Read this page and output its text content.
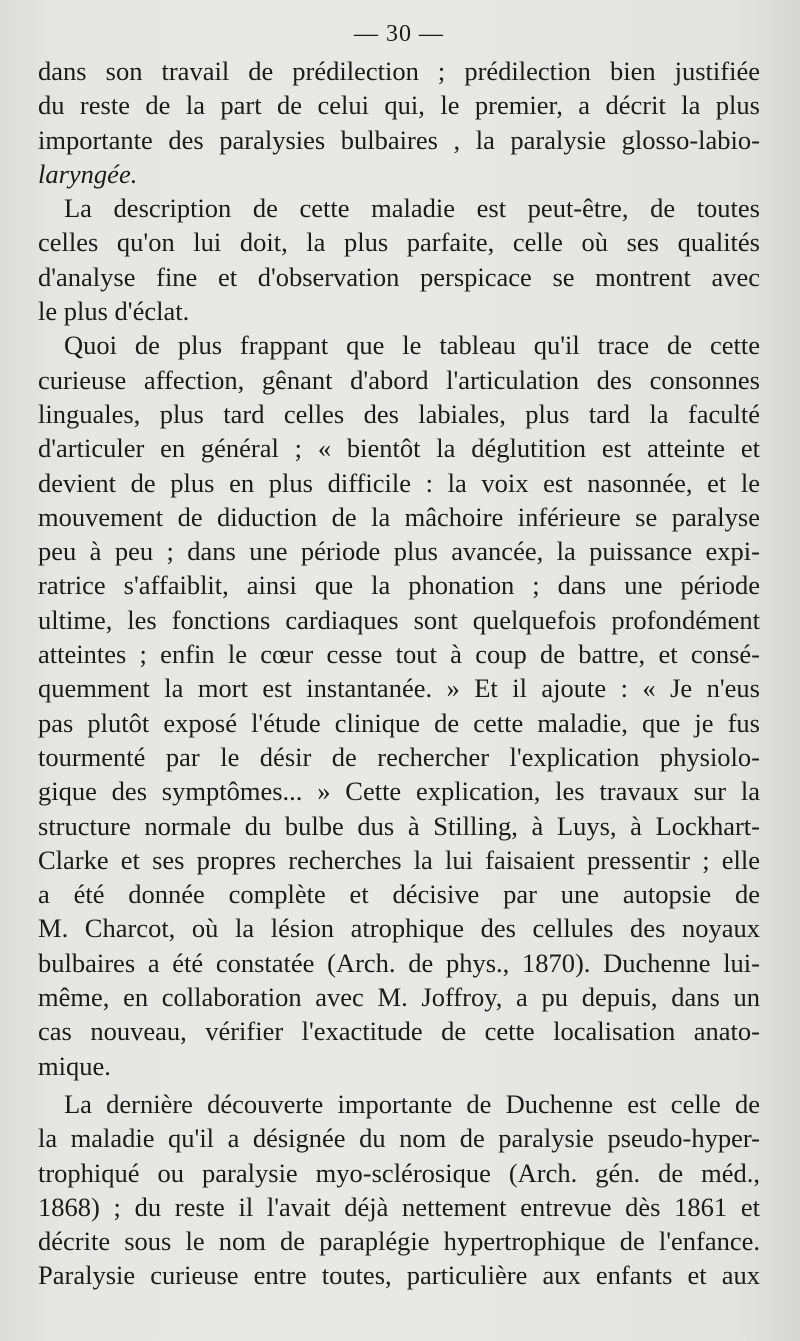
— 30 —
dans son travail de prédilection ; prédilection bien justifiée
du reste de la part de celui qui, le premier, a décrit la plus
importante des paralysies bulbaires , la paralysie glosso-labio-
laryngée.
La description de cette maladie est peut-être, de toutes
celles qu'on lui doit, la plus parfaite, celle où ses qualités
d'analyse fine et d'observation perspicace se montrent avec
le plus d'éclat.
Quoi de plus frappant que le tableau qu'il trace de cette
curieuse affection, gênant d'abord l'articulation des consonnes
linguales, plus tard celles des labiales, plus tard la faculté
d'articuler en général ; « bientôt la déglutition est atteinte et
devient de plus en plus difficile : la voix est nasonnée, et le
mouvement de diduction de la mâchoire inférieure se paralyse
peu à peu ; dans une période plus avancée, la puissance expi-
ratrice s'affaiblit, ainsi que la phonation ; dans une période
ultime, les fonctions cardiaques sont quelquefois profondément
atteintes ; enfin le cœur cesse tout à coup de battre, et consé-
quemment la mort est instantanée. » Et il ajoute : « Je n'eus
pas plutôt exposé l'étude clinique de cette maladie, que je fus
tourmenté par le désir de rechercher l'explication physiolo-
gique des symptômes... » Cette explication, les travaux sur la
structure normale du bulbe dus à Stilling, à Luys, à Lockhart-
Clarke et ses propres recherches la lui faisaient pressentir ; elle
a été donnée complète et décisive par une autopsie de
M. Charcot, où la lésion atrophique des cellules des noyaux
bulbaires a été constatée (Arch. de phys., 1870). Duchenne lui-
même, en collaboration avec M. Joffroy, a pu depuis, dans un
cas nouveau, vérifier l'exactitude de cette localisation anato-
mique.
La dernière découverte importante de Duchenne est celle de
la maladie qu'il a désignée du nom de paralysie pseudo-hyper-
trophiqué ou paralysie myo-sclérosique (Arch. gén. de méd.,
1868) ; du reste il l'avait déjà nettement entrevue dès 1861 et
décrite sous le nom de paraplégie hypertrophique de l'enfance.
Paralysie curieuse entre toutes, particulière aux enfants et aux
